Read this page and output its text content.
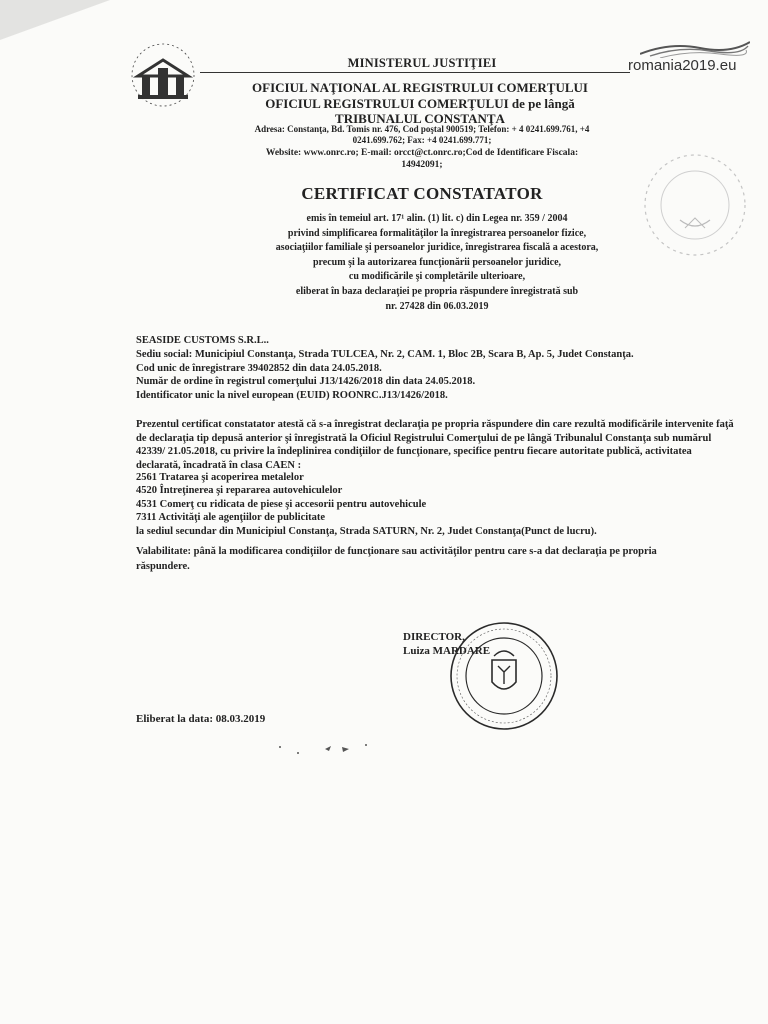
MINISTERUL JUSTIŢIEI	romania2019.eu
OFICIUL NAŢIONAL AL REGISTRULUI COMERŢULUI
OFICIUL REGISTRULUI COMERŢULUI de pe lângă
TRIBUNALUL CONSTANŢA
Adresa: Constanţa, Bd. Tomis nr. 476, Cod poştal 900519; Telefon: + 4 0241.699.761, +4
0241.699.762; Fax: +4 0241.699.771;
Website: www.onrc.ro; E-mail: orcct@ct.onrc.ro;Cod de Identificare Fiscala:
14942091;
CERTIFICAT CONSTATATOR
emis în temeiul art. 17¹ alin. (1) lit. c) din Legea nr. 359 / 2004
privind simplificarea formalităţilor la înregistrarea persoanelor fizice,
asociaţiilor familiale şi persoanelor juridice, înregistrarea fiscală a acestora,
precum şi la autorizarea funcţionării persoanelor juridice,
cu modificările şi completările ulterioare,
eliberat în baza declaraţiei pe propria răspundere înregistrată sub
nr. 27428 din 06.03.2019
SEASIDE CUSTOMS S.R.L..
Sediu social: Municipiul Constanţa, Strada TULCEA, Nr. 2, CAM. 1, Bloc 2B, Scara B, Ap. 5, Judet Constanţa.
Cod unic de înregistrare 39402852 din data 24.05.2018.
Număr de ordine în registrul comerţului J13/1426/2018 din data 24.05.2018.
Identificator unic la nivel european (EUID) ROONRC.J13/1426/2018.
Prezentul certificat constatator atestă că s-a înregistrat declaraţia pe propria răspundere din care rezultă modificările intervenite faţă de declaraţia tip depusă anterior şi înregistrată la Oficiul Registrului Comerţului de pe lângă Tribunalul Constanţa sub numărul 42339/ 21.05.2018, cu privire la îndeplinirea condiţiilor de funcţionare, specifice pentru fiecare autoritate publică, activitatea declarată, încadrată în clasa CAEN :
2561 Tratarea şi acoperirea metalelor
4520 Întreţinerea şi repararea autovehiculelor
4531 Comerţ cu ridicata de piese şi accesorii pentru autovehicule
7311 Activităţi ale agenţiilor de publicitate
la sediul secundar din Municipiul Constanţa, Strada SATURN, Nr. 2, Judet Constanţa(Punct de lucru).
Valabilitate: până la modificarea condiţiilor de funcţionare sau activităţilor pentru care s-a dat declaraţia pe propria răspundere.
DIRECTOR,
Luiza MARDARE
Eliberat la data: 08.03.2019
